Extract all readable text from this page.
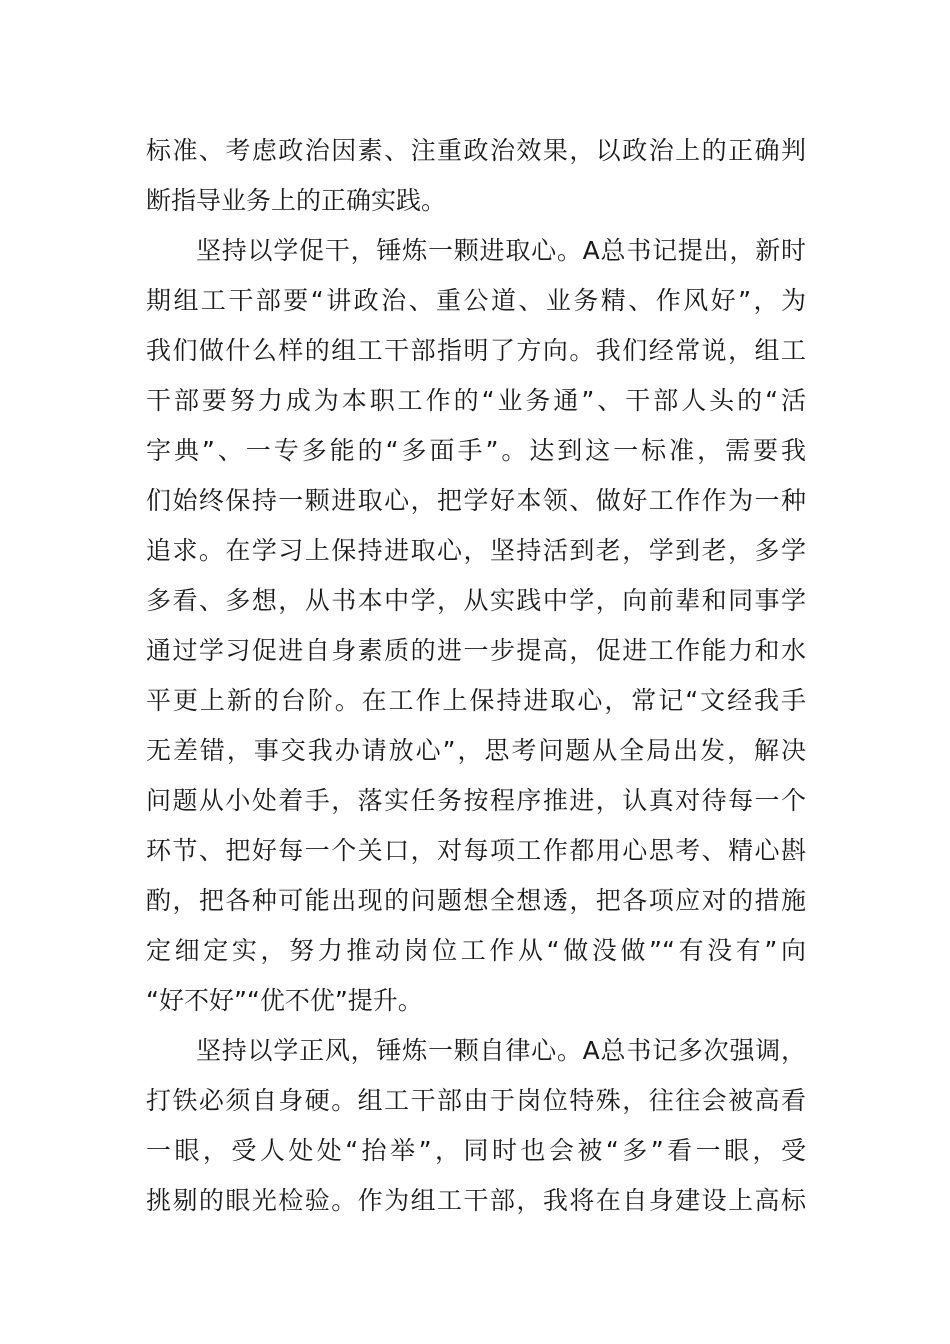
标准、考虑政治因素、注重政治效果，以政治上的正确判
断指导业务上的正确实践。
坚持以学促干，锤炼一颗进取心。A总书记提出，新时
期组工干部要“讲政治、重公道、业务精、作风好”，为
我们做什么样的组工干部指明了方向。我们经常说，组工
干部要努力成为本职工作的“业务通”、干部人头的“活
字典”、一专多能的“多面手”。达到这一标准，需要我
们始终保持一颗进取心，把学好本领、做好工作作为一种
追求。在学习上保持进取心，坚持活到老，学到老，多学
多看、多想，从书本中学，从实践中学，向前辈和同事学
通过学习促进自身素质的进一步提高，促进工作能力和水
平更上新的台阶。在工作上保持进取心，常记“文经我手
无差错，事交我办请放心”，思考问题从全局出发，解决
问题从小处着手，落实任务按程序推进，认真对待每一个
环节、把好每一个关口，对每项工作都用心思考、精心斟
酌，把各种可能出现的问题想全想透，把各项应对的措施
定细定实，努力推动岗位工作从“做没做”“有没有”向
“好不好”“优不优”提升。
坚持以学正风，锤炼一颗自律心。A总书记多次强调，
打铁必须自身硬。组工干部由于岗位特殊，往往会被高看
一眼，受人处处“抬举”，同时也会被“多”看一眼，受
挑剔的眼光检验。作为组工干部，我将在自身建设上高标
